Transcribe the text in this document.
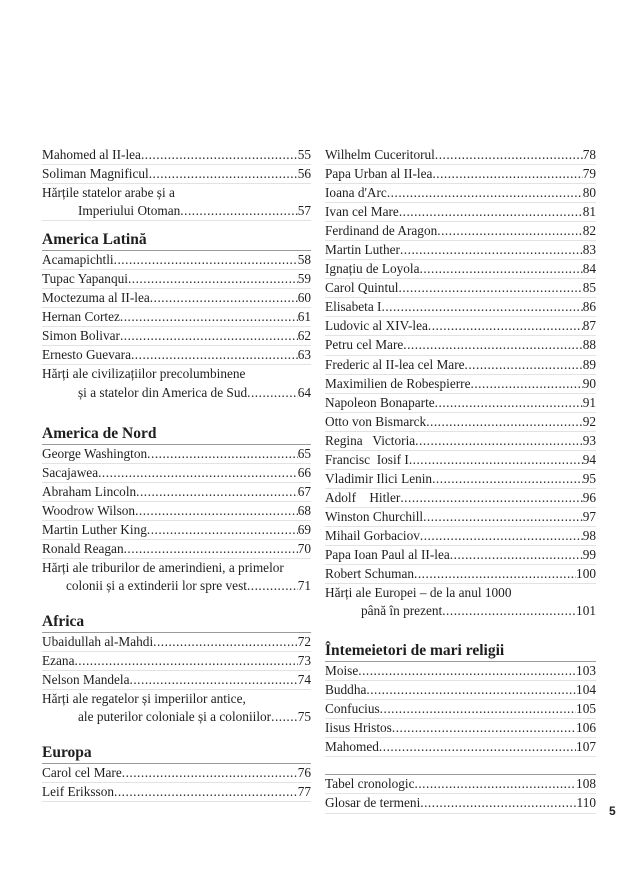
Mahomed al II-lea .....	55
Soliman Magnificul .....	56
Hărțile statelor arabe și a
Imperiului Otoman .....	57
America Latină
Acamapichtli .....	58
Tupac Yapanqui .....	59
Moctezuma al II-lea .....	60
Hernan Cortez .....	61
Simon Bolivar .....	62
Ernesto Guevara .....	63
Hărți ale civilizațiilor precolumbinene
și a statelor din America de Sud .....	64
America de Nord
George Washington .....	65
Sacajawea .....	66
Abraham Lincoln .....	67
Woodrow Wilson .....	68
Martin Luther King .....	69
Ronald Reagan .....	70
Hărți ale triburilor de amerindieni, a primelor
colonii și a extinderii lor spre vest .....	71
Africa
Ubaidullah al-Mahdi .....	72
Ezana .....	73
Nelson Mandela .....	74
Hărți ale regatelor și imperiilor antice,
ale puterilor coloniale și a coloniilor ..... 75
Europa
Carol cel Mare .....	76
Leif Eriksson .....	77
Wilhelm Cuceritorul .....	78
Papa Urban al II-lea .....	79
Ioana d'Arc .....	80
Ivan cel Mare .....	81
Ferdinand de Aragon .....	82
Martin Luther .....	83
Ignațiu de Loyola .....	84
Carol Quintul .....	85
Elisabeta I .....	86
Ludovic al XIV-lea .....	87
Petru cel Mare .....	88
Frederic al II-lea cel Mare .....	89
Maximilien de Robespierre .....	90
Napoleon Bonaparte .....	91
Otto von Bismarck .....	92
Regina   Victoria .....	93
Francisc  Iosif I .....	94
Vladimir Ilici Lenin .....	95
Adolf    Hitler .....	96
Winston Churchill .....	97
Mihail Gorbaciov .....	98
Papa Ioan Paul al II-lea .....	99
Robert Schuman .....	100
Hărți ale Europei – de la anul 1000
până în prezent .....	101
Întemeietori de mari religii
Moise .....	103
Buddha .....	104
Confucius .....	105
Iisus Hristos .....	106
Mahomed .....	107
Tabel cronologic .....	108
Glosar de termeni .....	110
5
